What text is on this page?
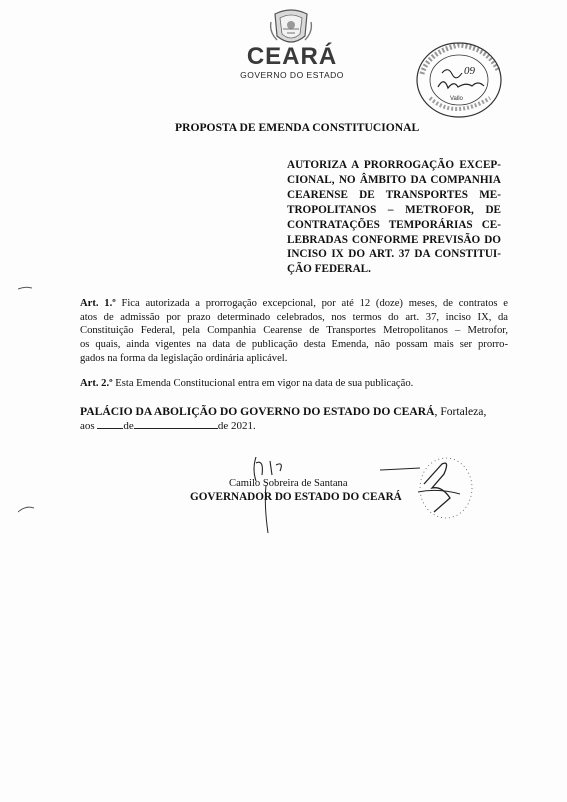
CEARÁ
GOVERNO DO ESTADO	09
Vallo
PROPOSTA DE EMENDA CONSTITUCIONAL
AUTORIZA A PRORROGAÇÃO EXCEP-
CIONAL, NO ÂMBITO DA COMPANHIA
CEARENSE DE TRANSPORTES ME-
TROPOLITANOS – METROFOR, DE
CONTRATAÇÕES TEMPORÁRIAS CE-
LEBRADAS CONFORME PREVISÃO DO
INCISO IX DO ART. 37 DA CONSTITUI-
ÇÃO FEDERAL.
Art. 1.º Fica autorizada a prorrogação excepcional, por até 12 (doze) meses, de contratos e
atos de admissão por prazo determinado celebrados, nos termos do art. 37, inciso IX, da
Constituição Federal, pela Companhia Cearense de Transportes Metropolitanos – Metrofor,
os quais, ainda vigentes na data de publicação desta Emenda, não possam mais ser prorro-
gados na forma da legislação ordinária aplicável.
Art. 2.º Esta Emenda Constitucional entra em vigor na data de sua publicação.
PALÁCIO DA ABOLIÇÃO DO GOVERNO DO ESTADO DO CEARÁ, Fortaleza,
aos	de	de 2021.
Camilo Sobreira de Santana
GOVERNADOR DO ESTADO DO CEARÁ
